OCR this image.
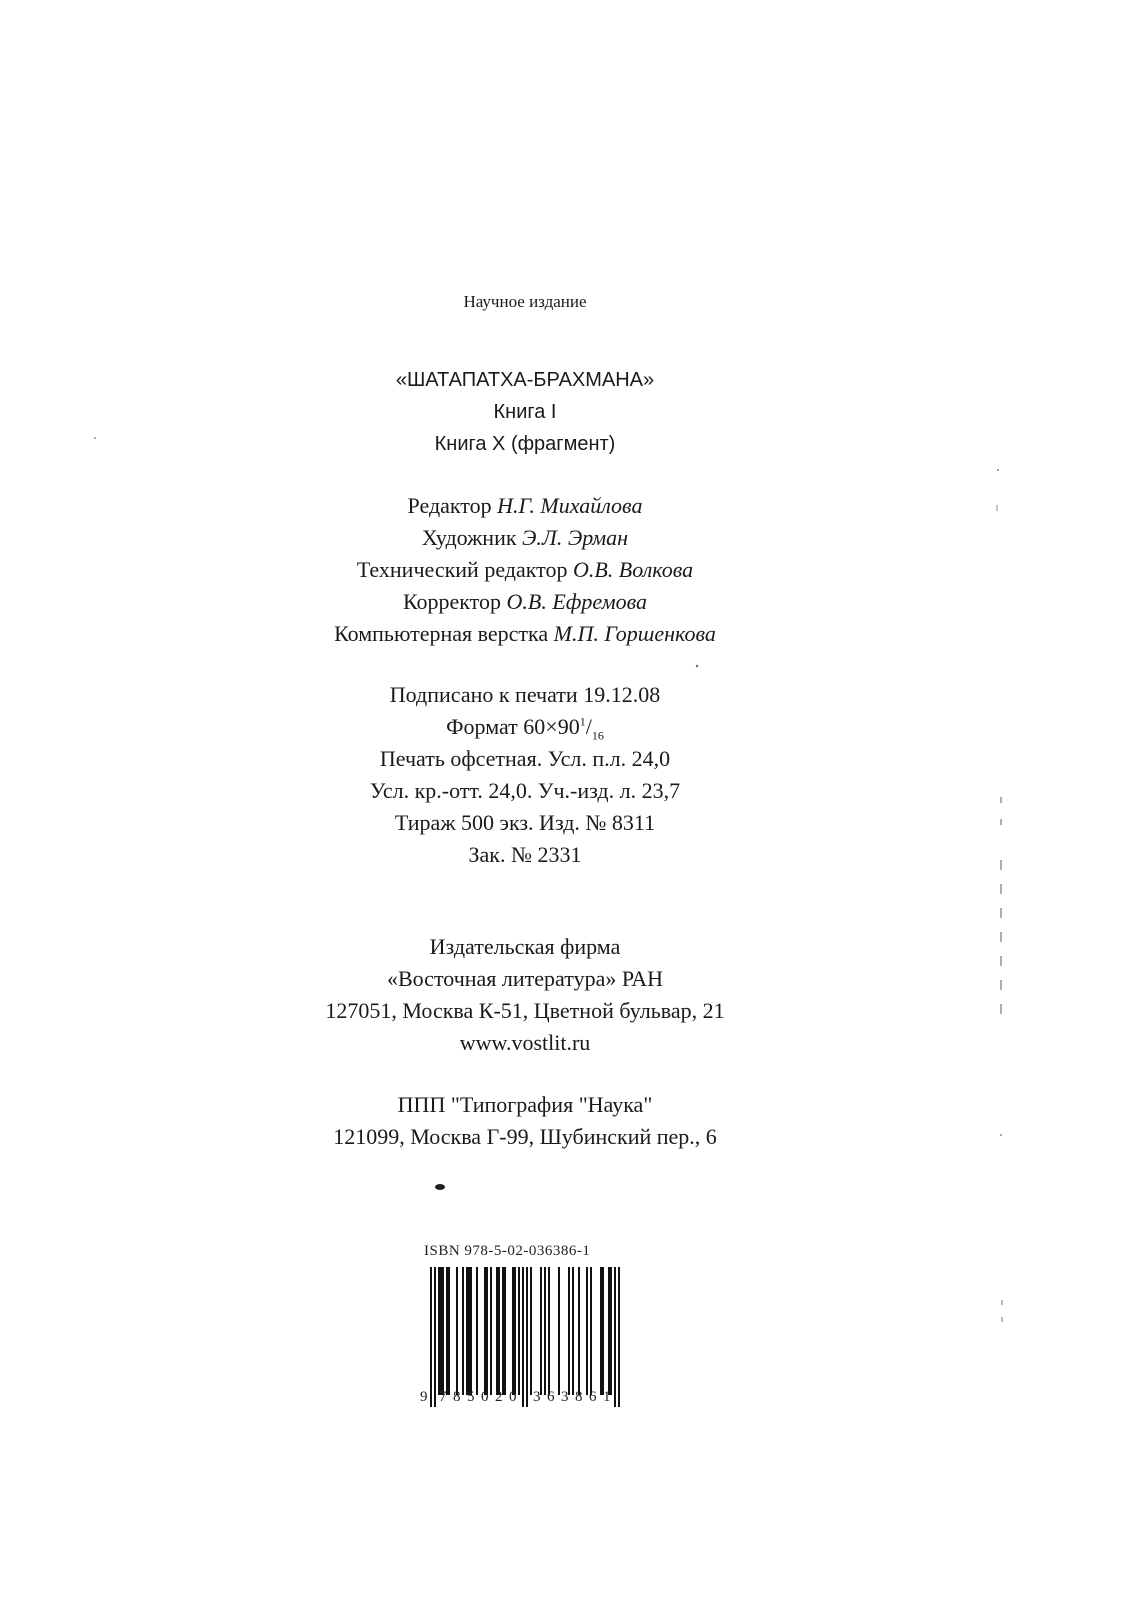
Научное издание
«ШАТАПАТХА-БРАХМАНА»
Книга I
Книга X (фрагмент)
Редактор Н.Г. Михайлова
Художник Э.Л. Эрман
Технический редактор О.В. Волкова
Корректор О.В. Ефремова
Компьютерная верстка М.П. Горшенкова
Подписано к печати 19.12.08
Формат $60\times 90^1/_{16}$
Печать офсетная. Усл. п.л. 24,0
Усл. кр.-отт. 24,0. Уч.-изд. л. 23,7
Тираж 500 экз. Изд. № 8311
Зак. № 2331
Издательская фирма
«Восточная литература» РАН
127051, Москва К-51, Цветной бульвар, 21
www.vostlit.ru
ППП "Типография "Наука"
121099, Москва Г-99, Шубинский пер., 6
ISBN 978-5-02-036386-1
9 7 8 5 0 2 0 3 6 3 8 6 1
